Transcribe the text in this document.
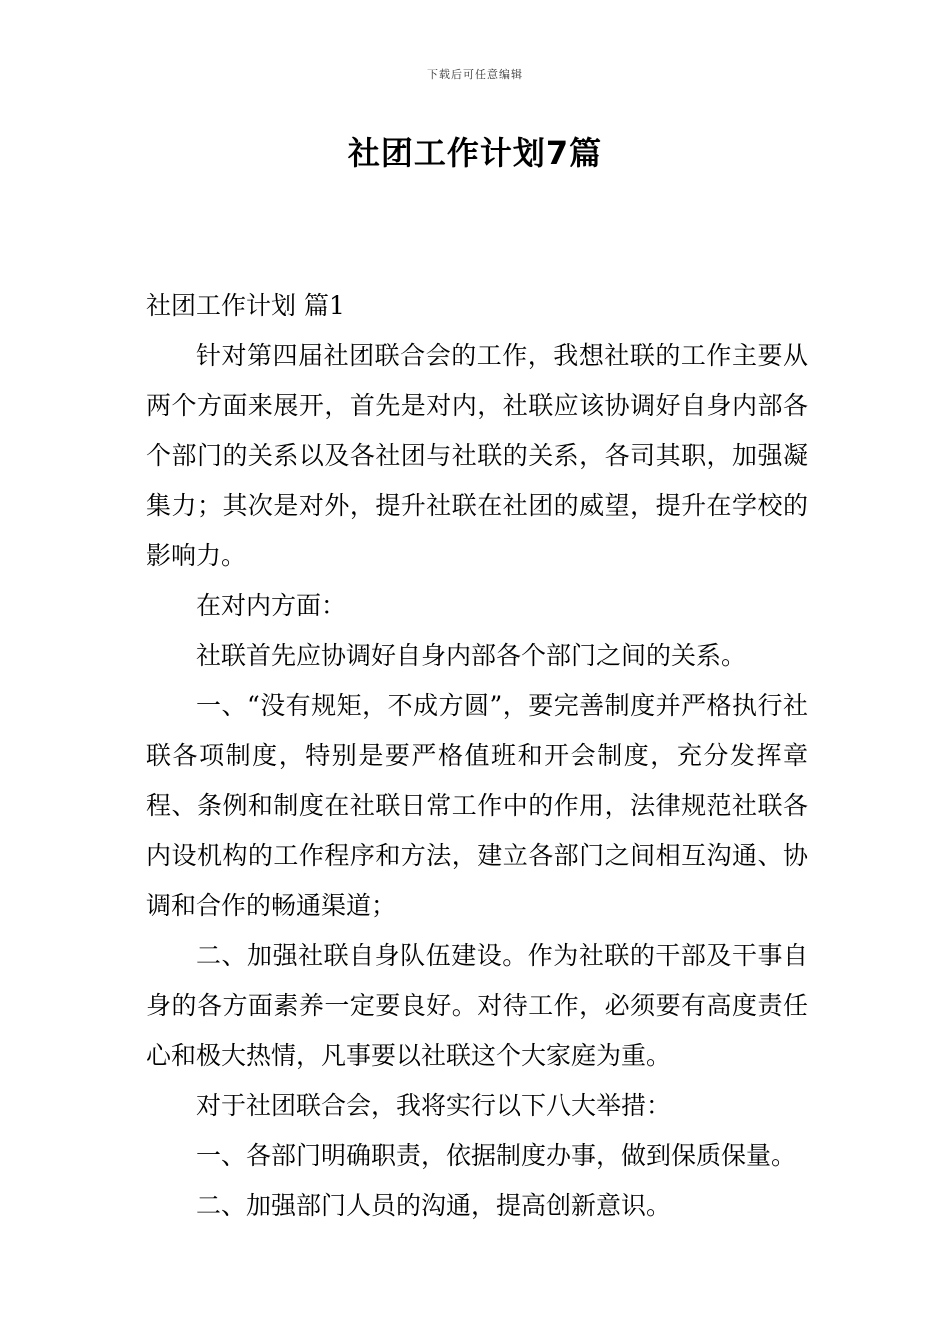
下载后可任意编辑
社团工作计划7篇

社团工作计划 篇1

针对第四届社团联合会的工作，我想社联的工作主要从两个方面来展开，首先是对内，社联应该协调好自身内部各个部门的关系以及各社团与社联的关系，各司其职，加强凝集力；其次是对外，提升社联在社团的威望，提升在学校的影响力。

在对内方面：

社联首先应协调好自身内部各个部门之间的关系。

一、“没有规矩，不成方圆”，要完善制度并严格执行社联各项制度，特别是要严格值班和开会制度，充分发挥章程、条例和制度在社联日常工作中的作用，法律规范社联各内设机构的工作程序和方法，建立各部门之间相互沟通、协调和合作的畅通渠道；

二、加强社联自身队伍建设。作为社联的干部及干事自身的各方面素养一定要良好。对待工作，必须要有高度责任心和极大热情，凡事要以社联这个大家庭为重。

对于社团联合会，我将实行以下八大举措：

一、各部门明确职责，依据制度办事，做到保质保量。

二、加强部门人员的沟通，提高创新意识。
